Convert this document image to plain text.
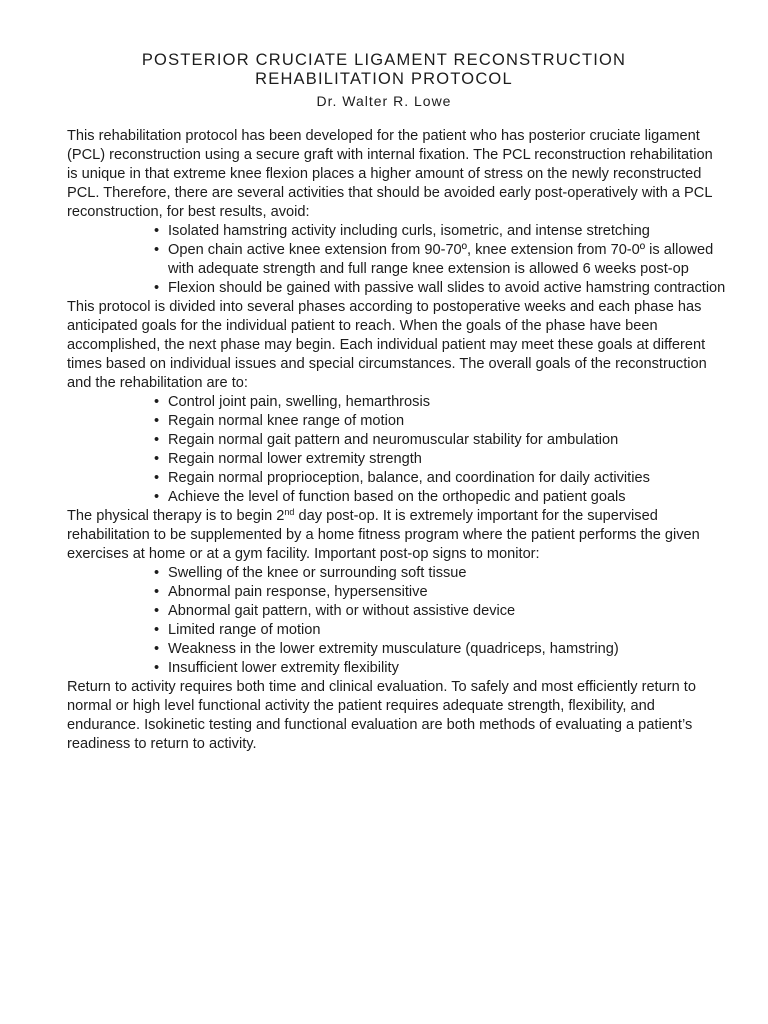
POSTERIOR CRUCIATE LIGAMENT RECONSTRUCTION
REHABILITATION PROTOCOL
Dr. Walter R. Lowe

This rehabilitation protocol has been developed for the patient who has posterior cruciate ligament (PCL) reconstruction using a secure graft with internal fixation. The PCL reconstruction rehabilitation is unique in that extreme knee flexion places a higher amount of stress on the newly reconstructed PCL. Therefore, there are several activities that should be avoided early post-operatively with a PCL reconstruction, for best results, avoid:

• Isolated hamstring activity including curls, isometric, and intense stretching
• Open chain active knee extension from 90-70º, knee extension from 70-0º is allowed with adequate strength and full range knee extension is allowed 6 weeks post-op
• Flexion should be gained with passive wall slides to avoid active hamstring contraction

This protocol is divided into several phases according to postoperative weeks and each phase has anticipated goals for the individual patient to reach. When the goals of the phase have been accomplished, the next phase may begin. Each individual patient may meet these goals at different times based on individual issues and special circumstances. The overall goals of the reconstruction and the rehabilitation are to:

• Control joint pain, swelling, hemarthrosis
• Regain normal knee range of motion
• Regain normal gait pattern and neuromuscular stability for ambulation
• Regain normal lower extremity strength
• Regain normal proprioception, balance, and coordination for daily activities
• Achieve the level of function based on the orthopedic and patient goals

The physical therapy is to begin 2nd day post-op. It is extremely important for the supervised rehabilitation to be supplemented by a home fitness program where the patient performs the given exercises at home or at a gym facility. Important post-op signs to monitor:

• Swelling of the knee or surrounding soft tissue
• Abnormal pain response, hypersensitive
• Abnormal gait pattern, with or without assistive device
• Limited range of motion
• Weakness in the lower extremity musculature (quadriceps, hamstring)
• Insufficient lower extremity flexibility

Return to activity requires both time and clinical evaluation. To safely and most efficiently return to normal or high level functional activity the patient requires adequate strength, flexibility, and endurance. Isokinetic testing and functional evaluation are both methods of evaluating a patient’s readiness to return to activity.
